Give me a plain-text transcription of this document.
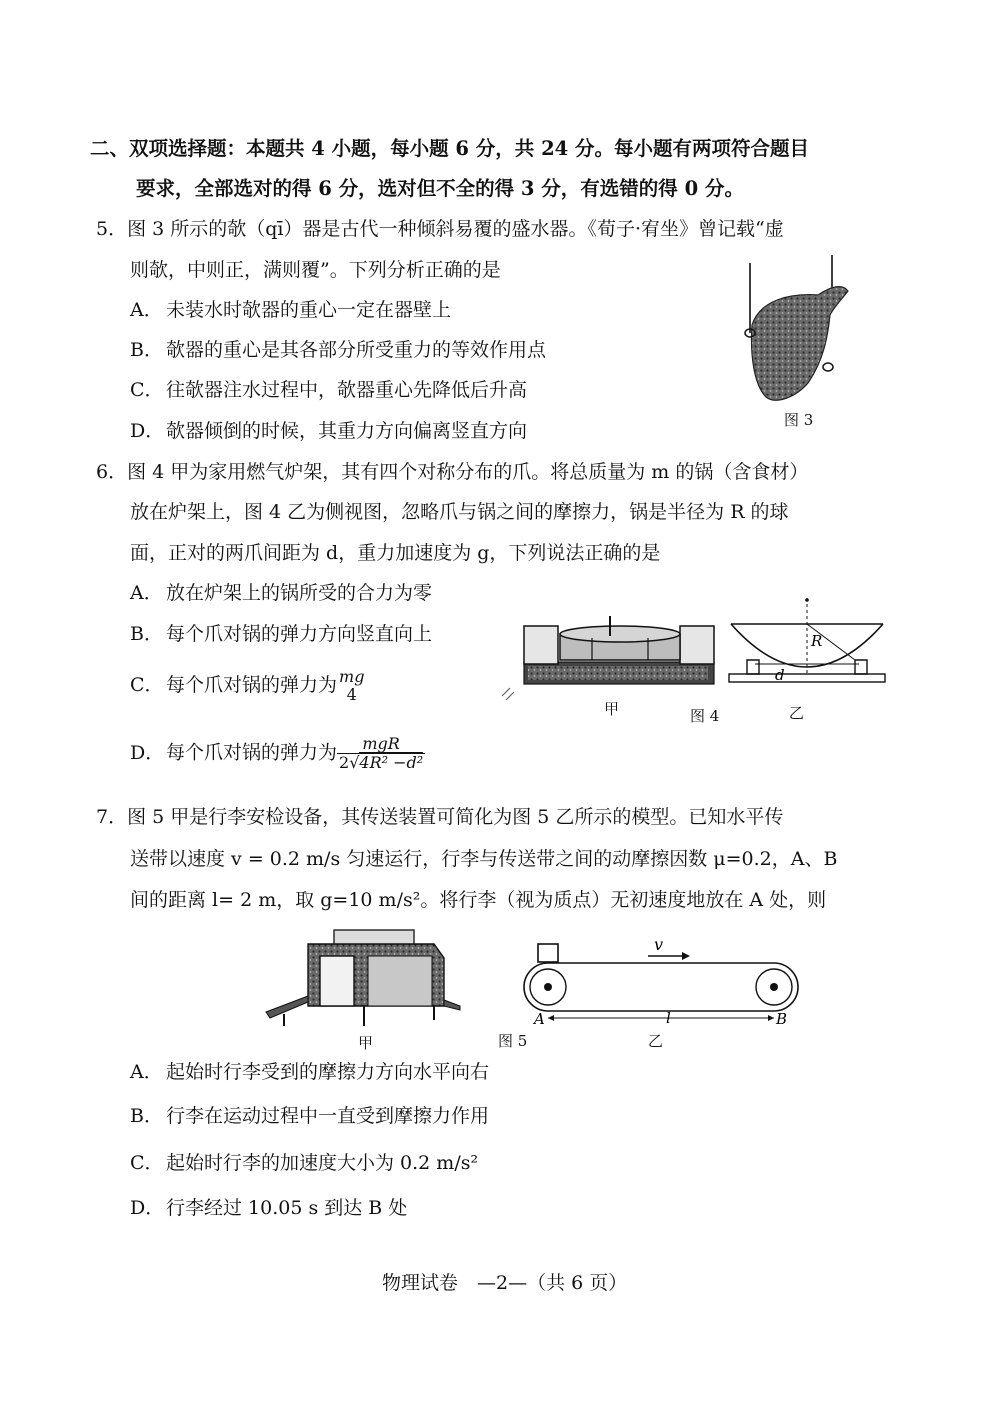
二、双项选择题：本题共 4 小题，每小题 6 分，共 24 分。每小题有两项符合题目
要求，全部选对的得 6 分，选对但不全的得 3 分，有选错的得 0 分。
5．图 3 所示的欹（qī）器是古代一种倾斜易覆的盛水器。《荀子·宥坐》曾记载“虚
则欹，中则正，满则覆”。下列分析正确的是
A． 未装水时欹器的重心一定在器壁上
B． 欹器的重心是其各部分所受重力的等效作用点
C． 往欹器注水过程中，欹器重心先降低后升高
D．欹器倾倒的时候，其重力方向偏离竖直方向	图 3
6．图 4 甲为家用燃气炉架，其有四个对称分布的爪。将总质量为 m 的锅（含食材）
放在炉架上，图 4 乙为侧视图，忽略爪与锅之间的摩擦力，锅是半径为 R 的球
面，正对的两爪间距为 d，重力加速度为 g，下列说法正确的是
A． 放在炉架上的锅所受的合力为零
B． 每个爪对锅的弹力方向竖直向上
C． 每个爪对锅的弹力为 mg
4
D．每个爪对锅的弹力为 $\frac{\text{mgR}}{\text{2√4R² −d²}}$
R
d
甲	图 4	乙
7．图 5 甲是行李安检设备，其传送装置可简化为图 5 乙所示的模型。已知水平传
送带以速度 v = 0.2 m/s 匀速运行，行李与传送带之间的动摩擦因数 μ=0.2，A、B
间的距离 l= 2 m，取 g=10 m/s²。将行李（视为质点）无初速度地放在 A 处，则
v
A	B
l
甲	图 5	乙
A． 起始时行李受到的摩擦力方向水平向右
B． 行李在运动过程中一直受到摩擦力作用
C． 起始时行李的加速度大小为 0.2 m/s²
D．行李经过 10.05 s 到达 B 处
物理试卷　—2—（共 6 页）
